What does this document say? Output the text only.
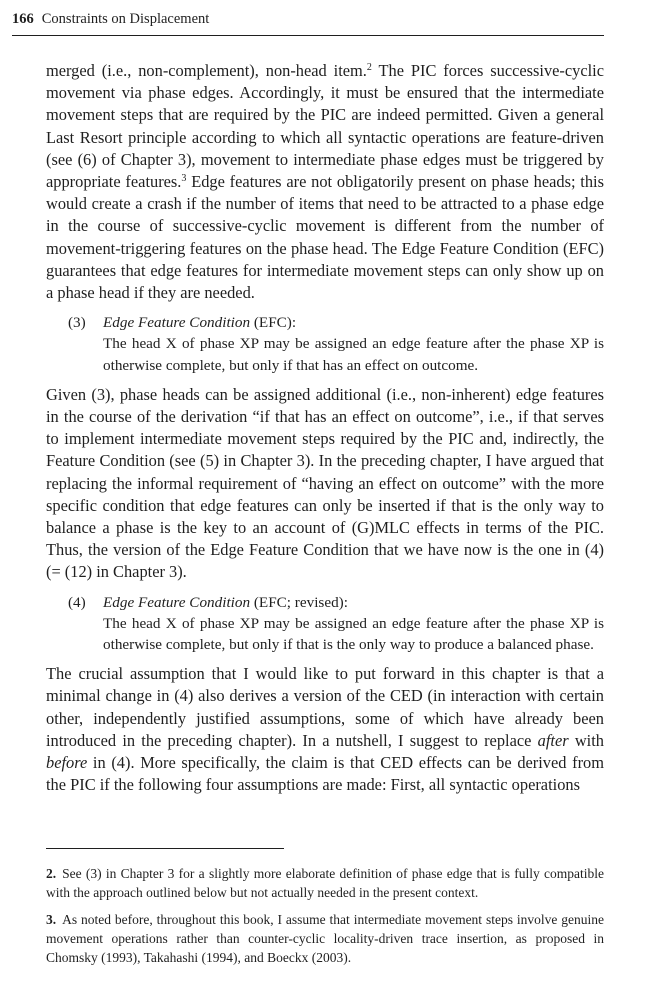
166 Constraints on Displacement

merged (i.e., non-complement), non-head item.$^2$ The PIC forces successive-cyclic movement via phase edges. Accordingly, it must be ensured that the intermediate movement steps that are required by the PIC are indeed permitted. Given a general Last Resort principle according to which all syntactic operations are feature-driven (see (6) of Chapter 3), movement to intermediate phase edges must be triggered by appropriate features.$^3$ Edge features are not obligatorily present on phase heads; this would create a crash if the number of items that need to be attracted to a phase edge in the course of successive-cyclic movement is different from the number of movement-triggering features on the phase head. The Edge Feature Condition (EFC) guarantees that edge features for intermediate movement steps can only show up on a phase head if they are needed.

(3) Edge Feature Condition (EFC):
The head X of phase XP may be assigned an edge feature after the phase XP is otherwise complete, but only if that has an effect on outcome.

Given (3), phase heads can be assigned additional (i.e., non-inherent) edge features in the course of the derivation “if that has an effect on outcome”, i.e., if that serves to implement intermediate movement steps required by the PIC and, indirectly, the Feature Condition (see (5) in Chapter 3). In the preceding chapter, I have argued that replacing the informal requirement of “having an effect on outcome” with the more specific condition that edge features can only be inserted if that is the only way to balance a phase is the key to an account of (G)MLC effects in terms of the PIC. Thus, the version of the Edge Feature Condition that we have now is the one in (4) (= (12) in Chapter 3).

(4) Edge Feature Condition (EFC; revised):
The head X of phase XP may be assigned an edge feature after the phase XP is otherwise complete, but only if that is the only way to produce a balanced phase.

The crucial assumption that I would like to put forward in this chapter is that a minimal change in (4) also derives a version of the CED (in interaction with certain other, independently justified assumptions, some of which have already been introduced in the preceding chapter). In a nutshell, I suggest to replace after with before in (4). More specifically, the claim is that CED effects can be derived from the PIC if the following four assumptions are made: First, all syntactic operations

2. See (3) in Chapter 3 for a slightly more elaborate definition of phase edge that is fully compatible with the approach outlined below but not actually needed in the present context.

3. As noted before, throughout this book, I assume that intermediate movement steps involve genuine movement operations rather than counter-cyclic locality-driven trace insertion, as proposed in Chomsky (1993), Takahashi (1994), and Boeckx (2003).
